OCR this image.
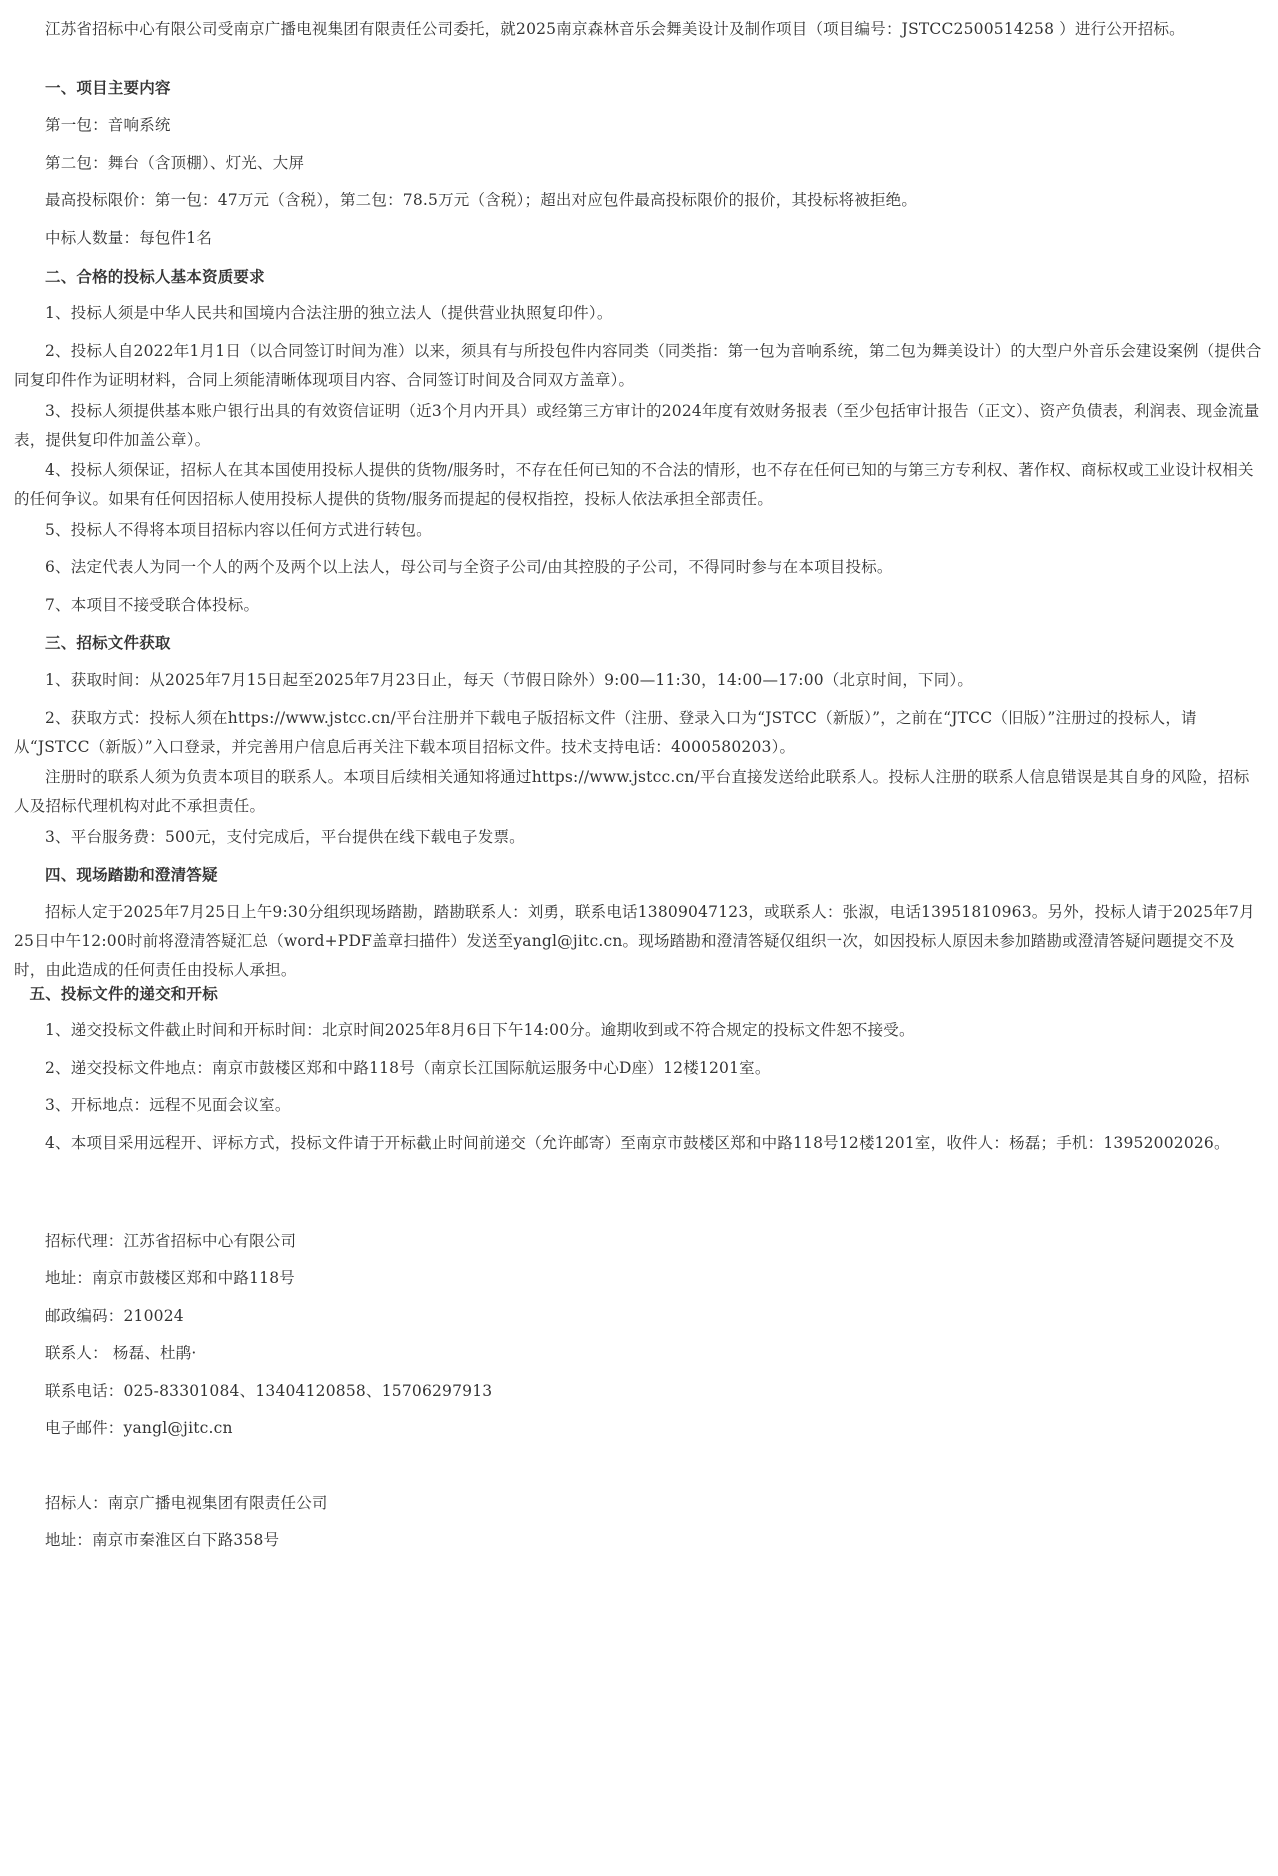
江苏省招标中心有限公司受南京广播电视集团有限责任公司委托，就2025南京森林音乐会舞美设计及制作项目（项目编号：JSTCC2500514258 ）进行公开招标。

一、项目主要内容

第一包：音响系统

第二包：舞台（含顶棚）、灯光、大屏

最高投标限价：第一包：47万元（含税），第二包：78.5万元（含税）；超出对应包件最高投标限价的报价，其投标将被拒绝。

中标人数量：每包件1名

二、合格的投标人基本资质要求

1、投标人须是中华人民共和国境内合法注册的独立法人（提供营业执照复印件）。

2、投标人自2022年1月1日（以合同签订时间为准）以来，须具有与所投包件内容同类（同类指：第一包为音响系统，第二包为舞美设计）的大型户外音乐会建设案例（提供合同复印件作为证明材料，合同上须能清晰体现项目内容、合同签订时间及合同双方盖章）。

3、投标人须提供基本账户银行出具的有效资信证明（近3个月内开具）或经第三方审计的2024年度有效财务报表（至少包括审计报告（正文）、资产负债表，利润表、现金流量表，提供复印件加盖公章）。

4、投标人须保证，招标人在其本国使用投标人提供的货物/服务时，不存在任何已知的不合法的情形，也不存在任何已知的与第三方专利权、著作权、商标权或工业设计权相关的任何争议。如果有任何因招标人使用投标人提供的货物/服务而提起的侵权指控，投标人依法承担全部责任。

5、投标人不得将本项目招标内容以任何方式进行转包。

6、法定代表人为同一个人的两个及两个以上法人，母公司与全资子公司/由其控股的子公司，不得同时参与在本项目投标。

7、本项目不接受联合体投标。

三、招标文件获取

1、获取时间：从2025年7月15日起至2025年7月23日止，每天（节假日除外）9:00—11:30，14:00—17:00（北京时间，下同）。

2、获取方式：投标人须在https://www.jstcc.cn/平台注册并下载电子版招标文件（注册、登录入口为“JSTCC（新版）”，之前在“JTCC（旧版）”注册过的投标人，请从“JSTCC（新版）”入口登录，并完善用户信息后再关注下载本项目招标文件。技术支持电话：4000580203）。

注册时的联系人须为负责本项目的联系人。本项目后续相关通知将通过https://www.jstcc.cn/平台直接发送给此联系人。投标人注册的联系人信息错误是其自身的风险，招标人及招标代理机构对此不承担责任。

3、平台服务费：500元，支付完成后，平台提供在线下载电子发票。

四、现场踏勘和澄清答疑

招标人定于2025年7月25日上午9:30分组织现场踏勘，踏勘联系人：刘勇，联系电话13809047123，或联系人：张淑，电话13951810963。另外，投标人请于2025年7月25日中午12:00时前将澄清答疑汇总（word+PDF盖章扫描件）发送至yangl@jitc.cn。现场踏勘和澄清答疑仅组织一次，如因投标人原因未参加踏勘或澄清答疑问题提交不及时，由此造成的任何责任由投标人承担。

五、投标文件的递交和开标

1、递交投标文件截止时间和开标时间：北京时间2025年8月6日下午14:00分。逾期收到或不符合规定的投标文件恕不接受。

2、递交投标文件地点：南京市鼓楼区郑和中路118号（南京长江国际航运服务中心D座）12楼1201室。

3、开标地点：远程不见面会议室。

4、本项目采用远程开、评标方式，投标文件请于开标截止时间前递交（允许邮寄）至南京市鼓楼区郑和中路118号12楼1201室，收件人：杨磊；手机：13952002026。

招标代理：江苏省招标中心有限公司

地址：南京市鼓楼区郑和中路118号

邮政编码：210024

联系人： 杨磊、杜鹃·

联系电话：025-83301084、13404120858、15706297913

电子邮件：yangl@jitc.cn

招标人：南京广播电视集团有限责任公司

地址：南京市秦淮区白下路358号
